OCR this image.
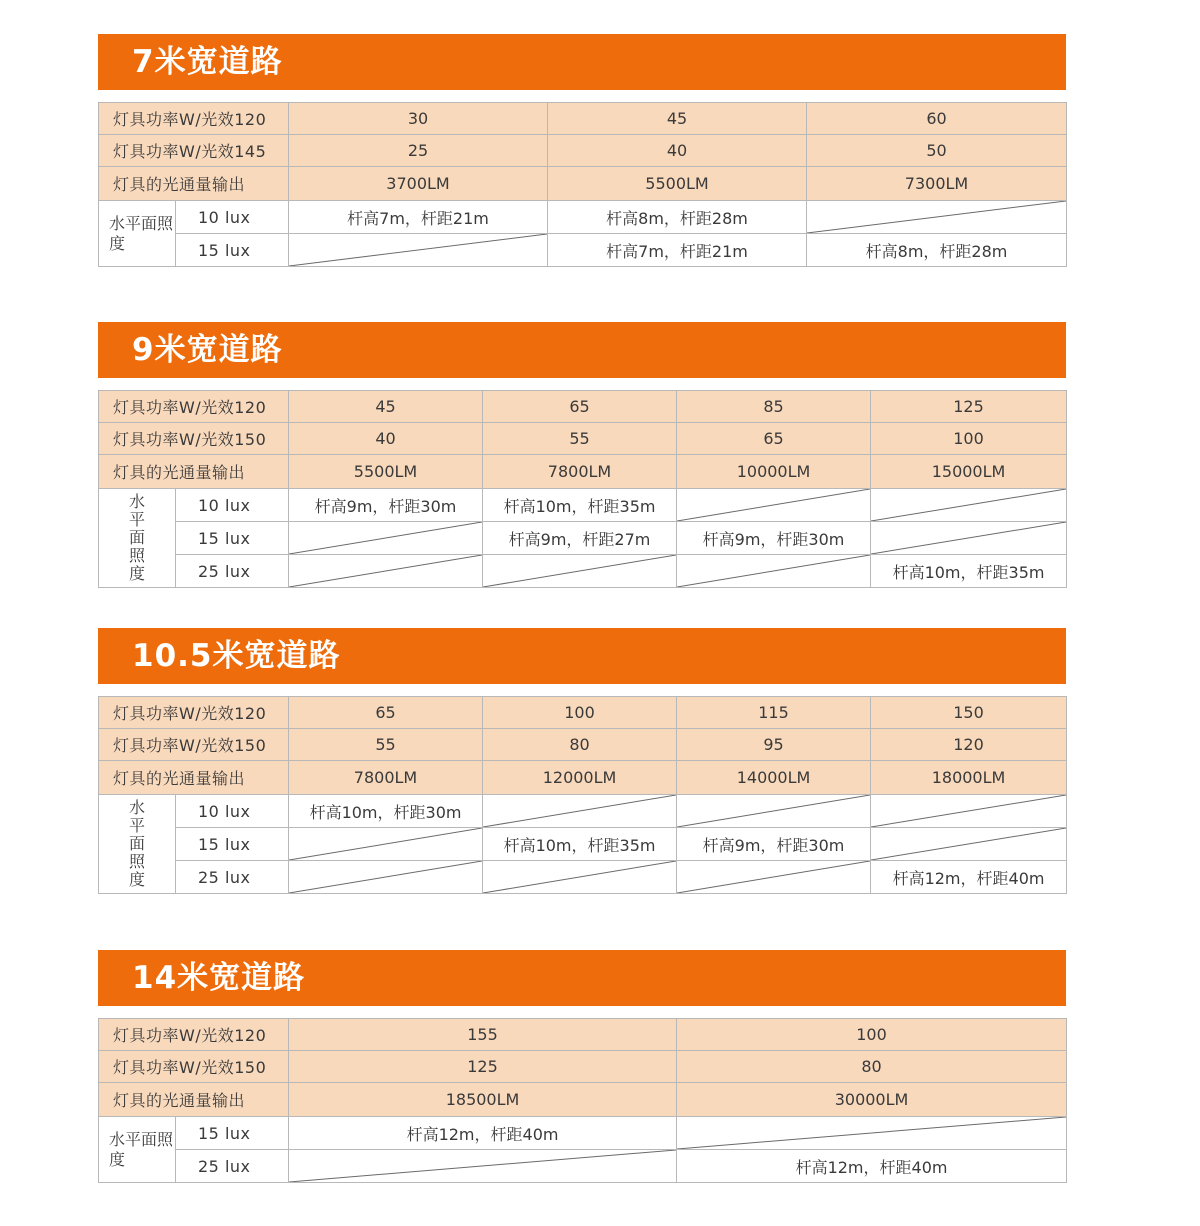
7米宽道路
灯具功率W/光效120		30	45	60
灯具功率W/光效145		25	40	50
灯具的光通量输出		3700LM	5500LM	7300LM
水平面照度	10 lux	杆高7m，杆距21m	杆高8m，杆距28m	

	15 lux		杆高7m，杆距21m	杆高8m，杆距28m
9米宽道路
灯具功率W/光效120		45	65	85	125
灯具功率W/光效150		40	55	65	100
灯具的光通量输出		5500LM	7800LM	10000LM	15000LM

水
平
面
照
度	10 lux	杆高9m，杆距30m	杆高10m，杆距35m	

	15 lux		杆高9m，杆距27m	杆高9m，杆距30m	

	25 lux				杆高10m，杆距35m
10.5米宽道路
灯具功率W/光效120		65	100	115	150
灯具功率W/光效150		55	80	95	120
灯具的光通量输出		7800LM	12000LM	14000LM	18000LM

水
平
面
照
度	10 lux	杆高10m，杆距30m	

	15 lux		杆高10m，杆距35m	杆高9m，杆距30m	

	25 lux				杆高12m，杆距40m
14米宽道路
灯具功率W/光效120		155	100
灯具功率W/光效150		125	80
灯具的光通量输出		18500LM	30000LM
水平面照度	15 lux	杆高12m，杆距40m	

	25 lux		杆高12m，杆距40m
